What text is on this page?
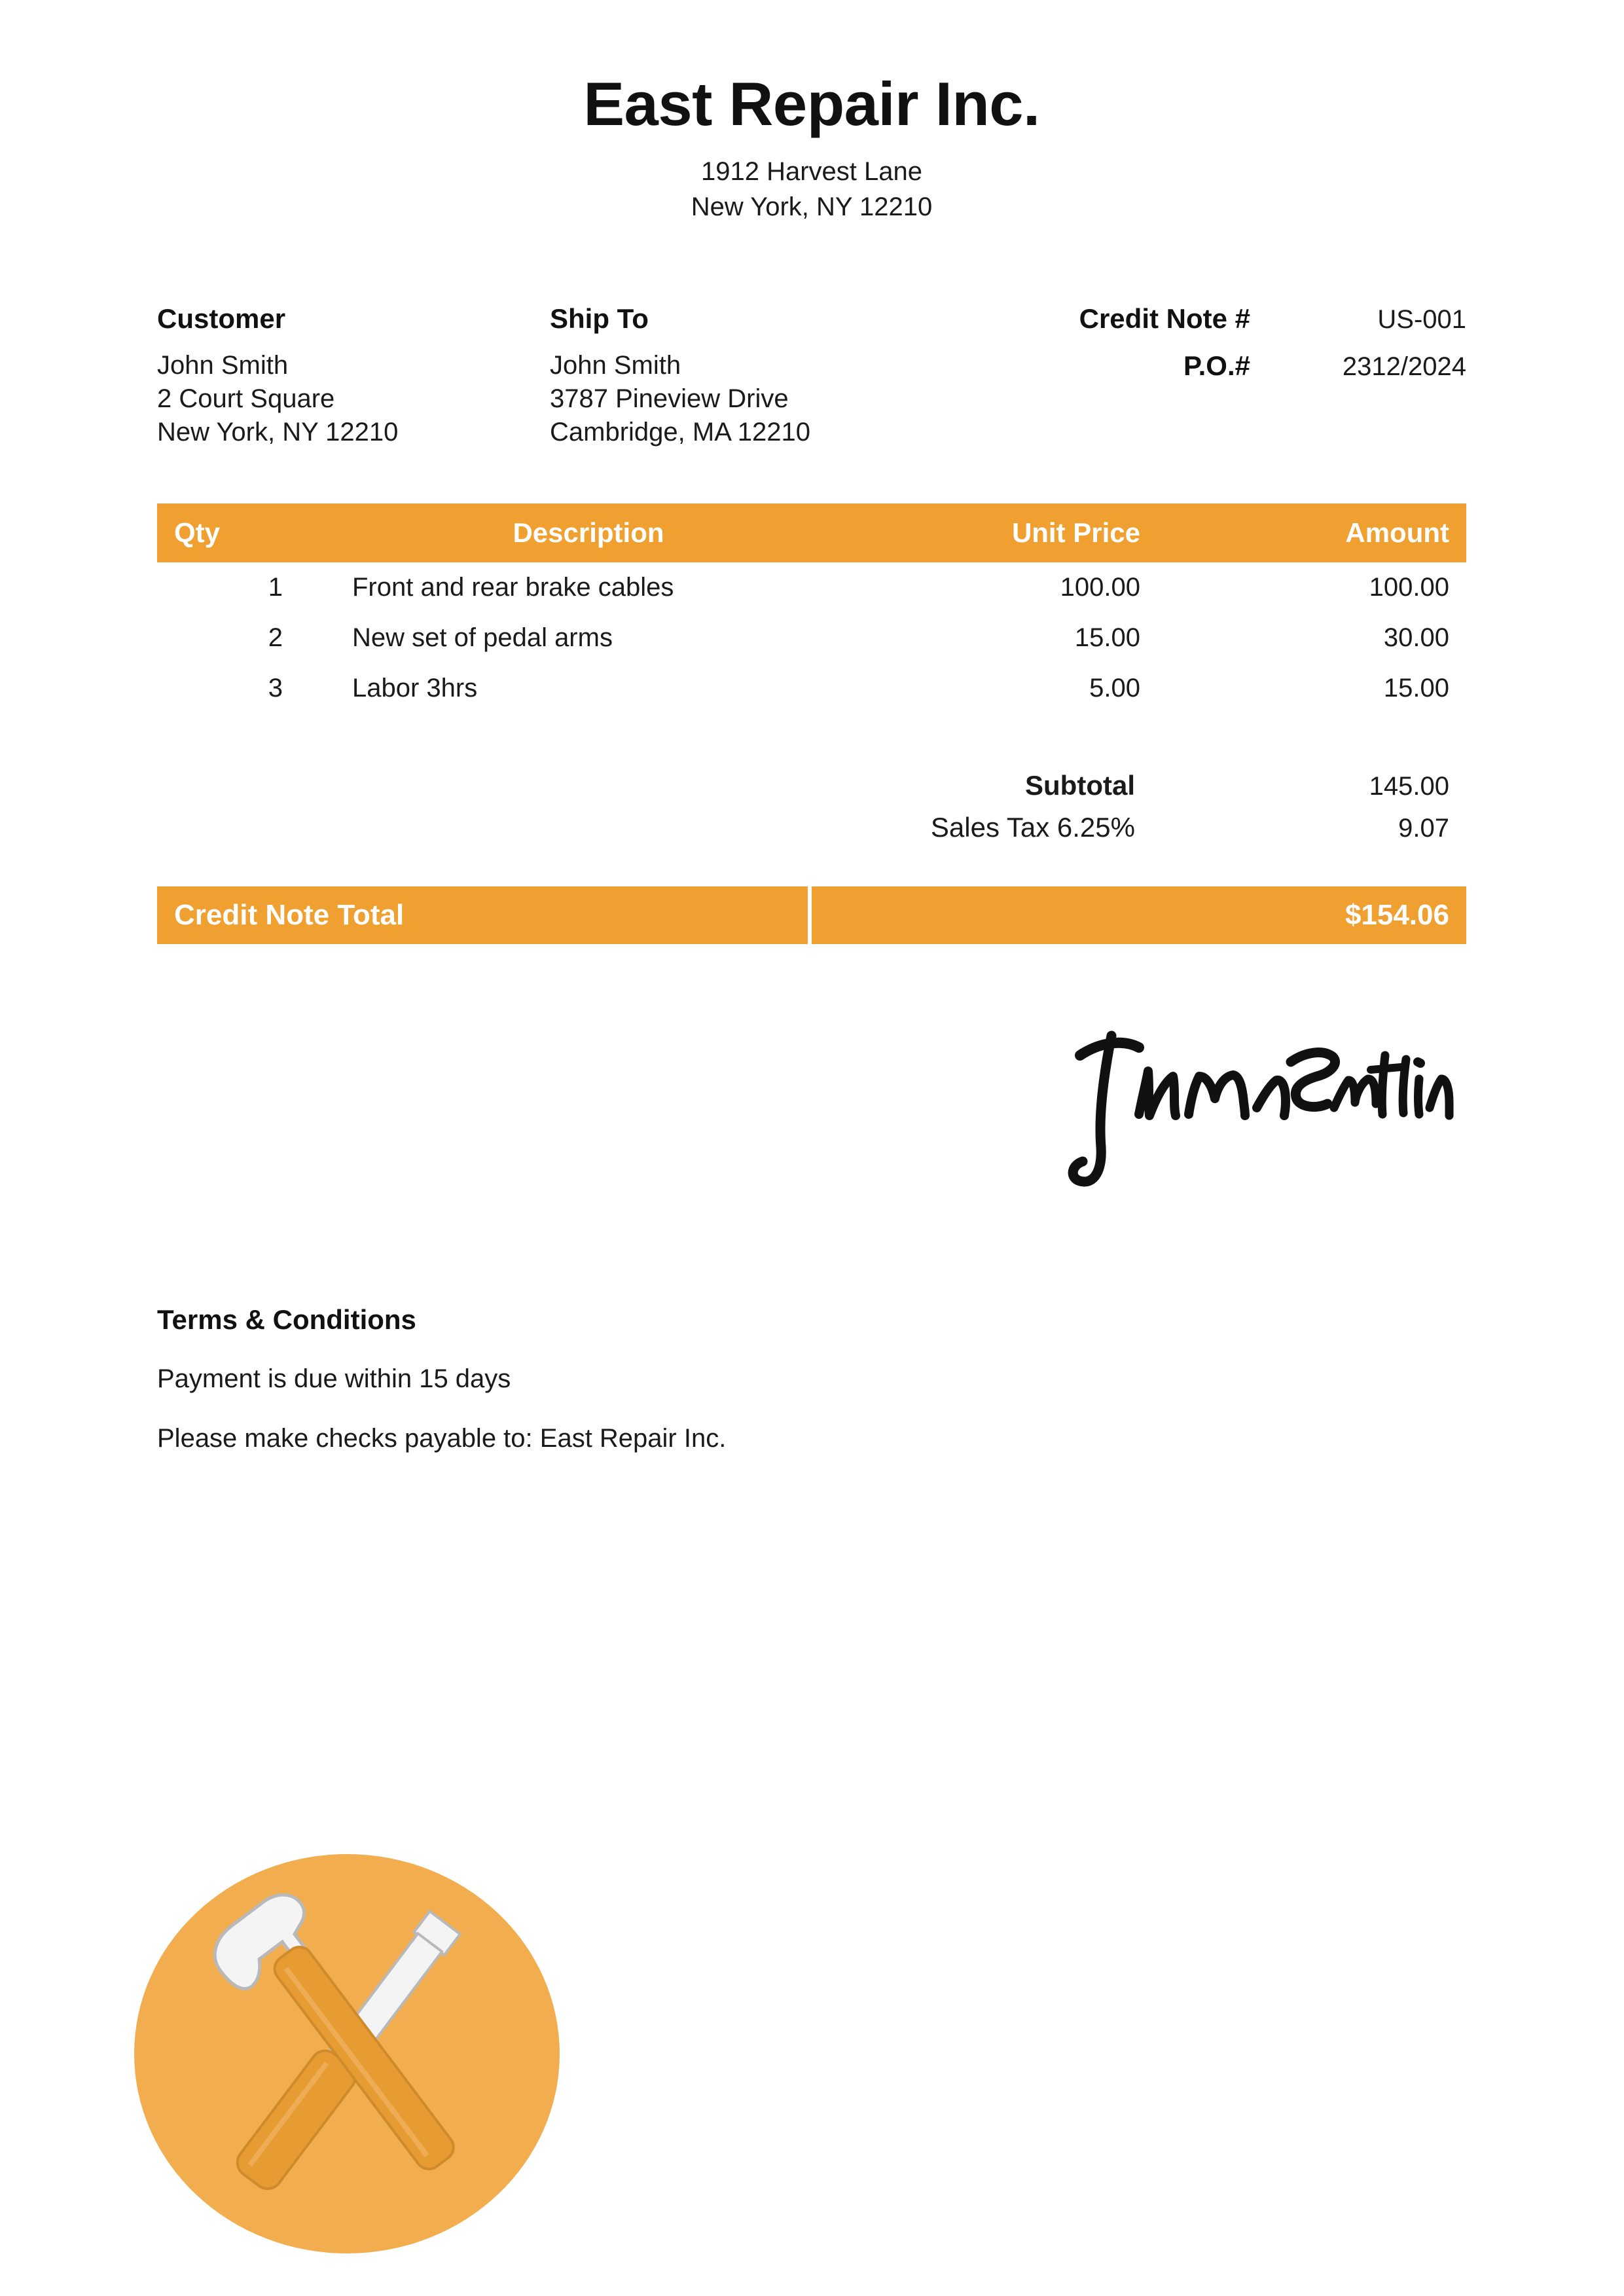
East Repair Inc.
1912 Harvest Lane
New York, NY 12210
Customer
John Smith
2 Court Square
New York, NY 12210
Ship To
John Smith
3787 Pineview Drive
Cambridge, MA 12210
Credit Note #	US-001
P.O.#	2312/2024
Qty	Description	Unit Price	Amount
1	Front and rear brake cables	100.00	100.00
2	New set of pedal arms	15.00	30.00
3	Labor 3hrs	5.00	15.00
Subtotal	145.00
Sales Tax 6.25%	9.07
Credit Note Total	$154.06
Terms & Conditions
Payment is due within 15 days
Please make checks payable to: East Repair Inc.
